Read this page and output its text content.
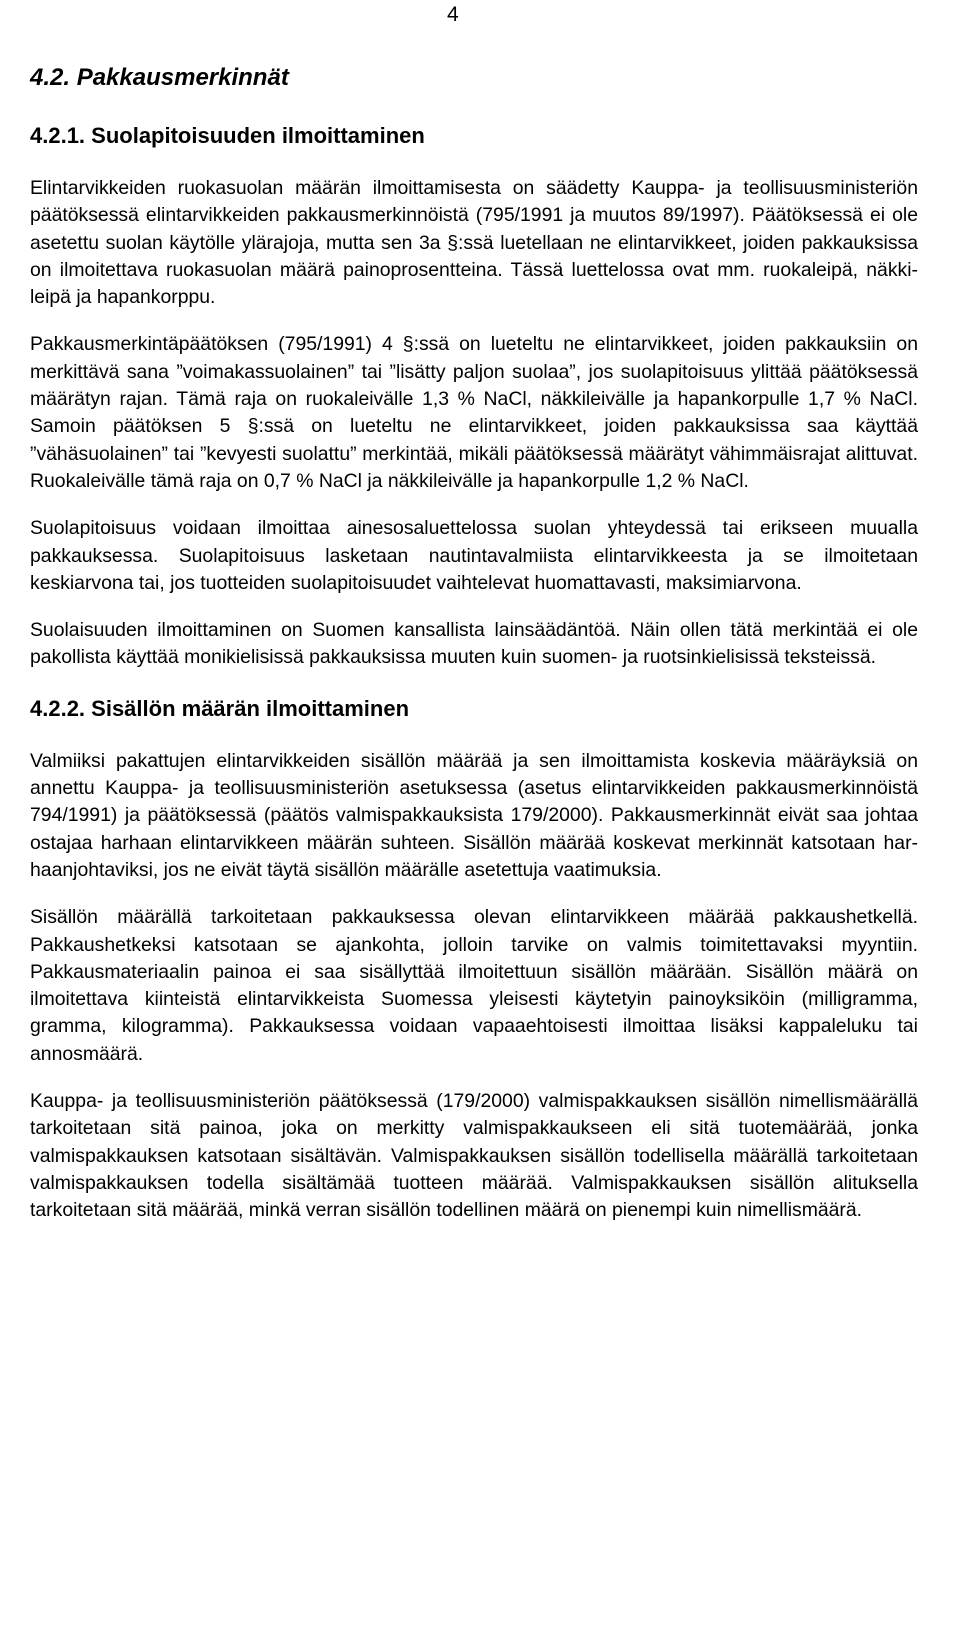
4
4.2. Pakkausmerkinnät
4.2.1. Suolapitoisuuden ilmoittaminen

Elintarvikkeiden ruokasuolan määrän ilmoittamisesta on säädetty Kauppa- ja teollisuusministeriön päätöksessä elintarvikkeiden pakkausmerkinnöistä (795/1991 ja muutos 89/1997). Päätöksessä ei ole asetettu suolan käytölle ylärajoja, mutta sen 3a §:ssä luetellaan ne elintarvikkeet, joiden pakkauksissa on ilmoitettava ruokasuolan määrä painoprosentteina. Tässä luettelossa ovat mm. ruokaleipä, näkkileipä ja hapankorppu.

Pakkausmerkintäpäätöksen (795/1991) 4 §:ssä on lueteltu ne elintarvikkeet, joiden pakkauksiin on merkittävä sana ”voimakassuolainen” tai ”lisätty paljon suolaa”, jos suolapitoisuus ylittää päätöksessä määrätyn rajan. Tämä raja on ruokaleivälle 1,3 % NaCl, näkkileivälle ja hapankorpulle 1,7 % NaCl. Samoin päätöksen 5 §:ssä on lueteltu ne elintarvikkeet, joiden pakkauksissa saa käyttää ”vähäsuolainen” tai ”kevyesti suolattu” merkintää, mikäli päätöksessä määrätyt vähimmäisrajat alittuvat. Ruokaleivälle tämä raja on 0,7 % NaCl ja näkkileivälle ja hapankorpulle 1,2 % NaCl.

Suolapitoisuus voidaan ilmoittaa ainesosaluettelossa suolan yhteydessä tai erikseen muualla pakkauksessa. Suolapitoisuus lasketaan nautintavalmiista elintarvikkeesta ja se ilmoitetaan keskiarvona tai, jos tuotteiden suolapitoisuudet vaihtelevat huomattavasti, maksimiarvona.

Suolaisuuden ilmoittaminen on Suomen kansallista lainsäädäntöä. Näin ollen tätä merkintää ei ole pakollista käyttää monikielisissä pakkauksissa muuten kuin suomen- ja ruotsinkielisissä teksteissä.

4.2.2. Sisällön määrän ilmoittaminen

Valmiiksi pakattujen elintarvikkeiden sisällön määrää ja sen ilmoittamista koskevia määräyksiä on annettu Kauppa- ja teollisuusministeriön asetuksessa (asetus elintarvikkeiden pakkausmerkinnöistä 794/1991) ja päätöksessä (päätös valmispakkauksista 179/2000). Pakkausmerkinnät eivät saa johtaa ostajaa harhaan elintarvikkeen määrän suhteen. Sisällön määrää koskevat merkinnät katsotaan harhaanjohtaviksi, jos ne eivät täytä sisällön määrälle asetettuja vaatimuksia.

Sisällön määrällä tarkoitetaan pakkauksessa olevan elintarvikkeen määrää pakkaushetkellä. Pakkaushetkeksi katsotaan se ajankohta, jolloin tarvike on valmis toimitettavaksi myyntiin. Pakkausmateriaalin painoa ei saa sisällyttää ilmoitettuun sisällön määrään. Sisällön määrä on ilmoitettava kiinteistä elintarvikkeista Suomessa yleisesti käytetyin painoyksiköin (milligramma, gramma, kilogramma). Pakkauksessa voidaan vapaaehtoisesti ilmoittaa lisäksi kappaleluku tai annosmäärä.

Kauppa- ja teollisuusministeriön päätöksessä (179/2000) valmispakkauksen sisällön nimellismäärällä tarkoitetaan sitä painoa, joka on merkitty valmispakkaukseen eli sitä tuotemäärää, jonka valmispakkauksen katsotaan sisältävän. Valmispakkauksen sisällön todellisella määrällä tarkoitetaan valmispakkauksen todella sisältämää tuotteen määrää. Valmispakkauksen sisällön alituksella tarkoitetaan sitä määrää, minkä verran sisällön todellinen määrä on pienempi kuin nimellismäärä.
